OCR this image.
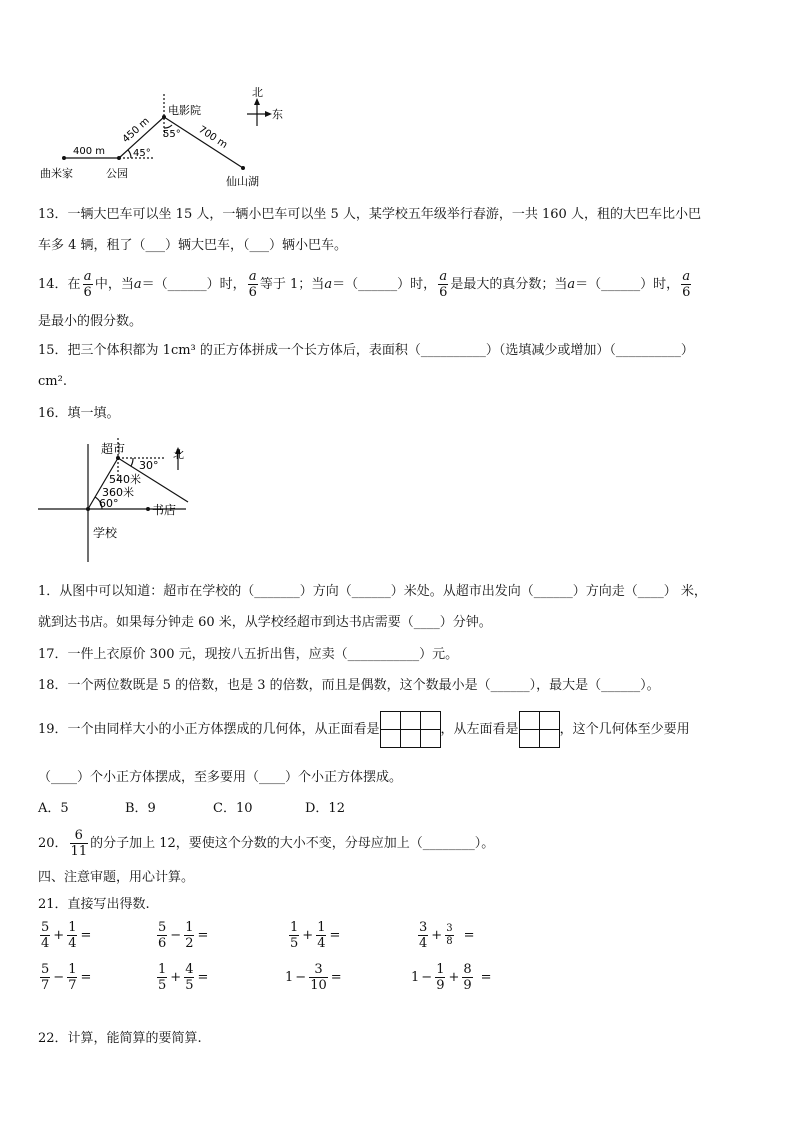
北
东
电影院
曲米家	公园
仙山湖
400 m
450 m	700 m
45°
55°
13．一辆大巴车可以坐 15 人，一辆小巴车可以坐 5 人，某学校五年级举行春游，一共 160 人，租的大巴车比小巴
车多 4 辆，租了（___）辆大巴车，（___）辆小巴车。
14．在 $\frac{a}{6}$ 中，当a＝（______）时， $\frac{a}{6}$ 等于 1；当a＝（______）时， $\frac{a}{6}$ 是最大的真分数；当a＝（______）时， $\frac{a}{6}$
是最小的假分数。
15．把三个体积都为 1cm³ 的正方体拼成一个长方体后，表面积（__________）（选填减少或增加）（__________）
cm².
16．填一填。
超市	北
30°
540米
360米
60°	书店
学校
1．从图中可以知道：超市在学校的（_______）方向（______）米处。从超市出发向（______）方向走（____） 米，
就到达书店。如果每分钟走 60 米，从学校经超市到达书店需要（____）分钟。
17．一件上衣原价 300 元，现按八五折出售，应卖（___________）元。
18．一个两位数既是 5 的倍数，也是 3 的倍数，而且是偶数，这个数最小是（______），最大是（______）。
19．一个由同样大小的小正方体摆成的几何体，从正面看是		
			，从左面看是	
		，这个几何体至少要用
（____）个小正方体摆成，至多要用（____）个小正方体摆成。
A．5	B．9	C．10	D．12
20． $\frac{6}{11}$ 的分子加上 12，要使这个分数的大小不变，分母应加上（________）。
四、注意审题，用心计算。
21．直接写出得数.
$\frac{5}{4} + \frac{1}{4}$ =	$\frac{5}{6} - \frac{1}{2}$ =	$\frac{1}{5} + \frac{1}{4}$ =	$\frac{3}{4} + \frac{3}{8}$ =
$\frac{5}{7} - \frac{1}{7}$ =	$\frac{1}{5} + \frac{4}{5}$ =	$1 - \frac{3}{10}$ =	$1 - \frac{1}{9} + \frac{8}{9}$ =
22．计算，能简算的要简算.
